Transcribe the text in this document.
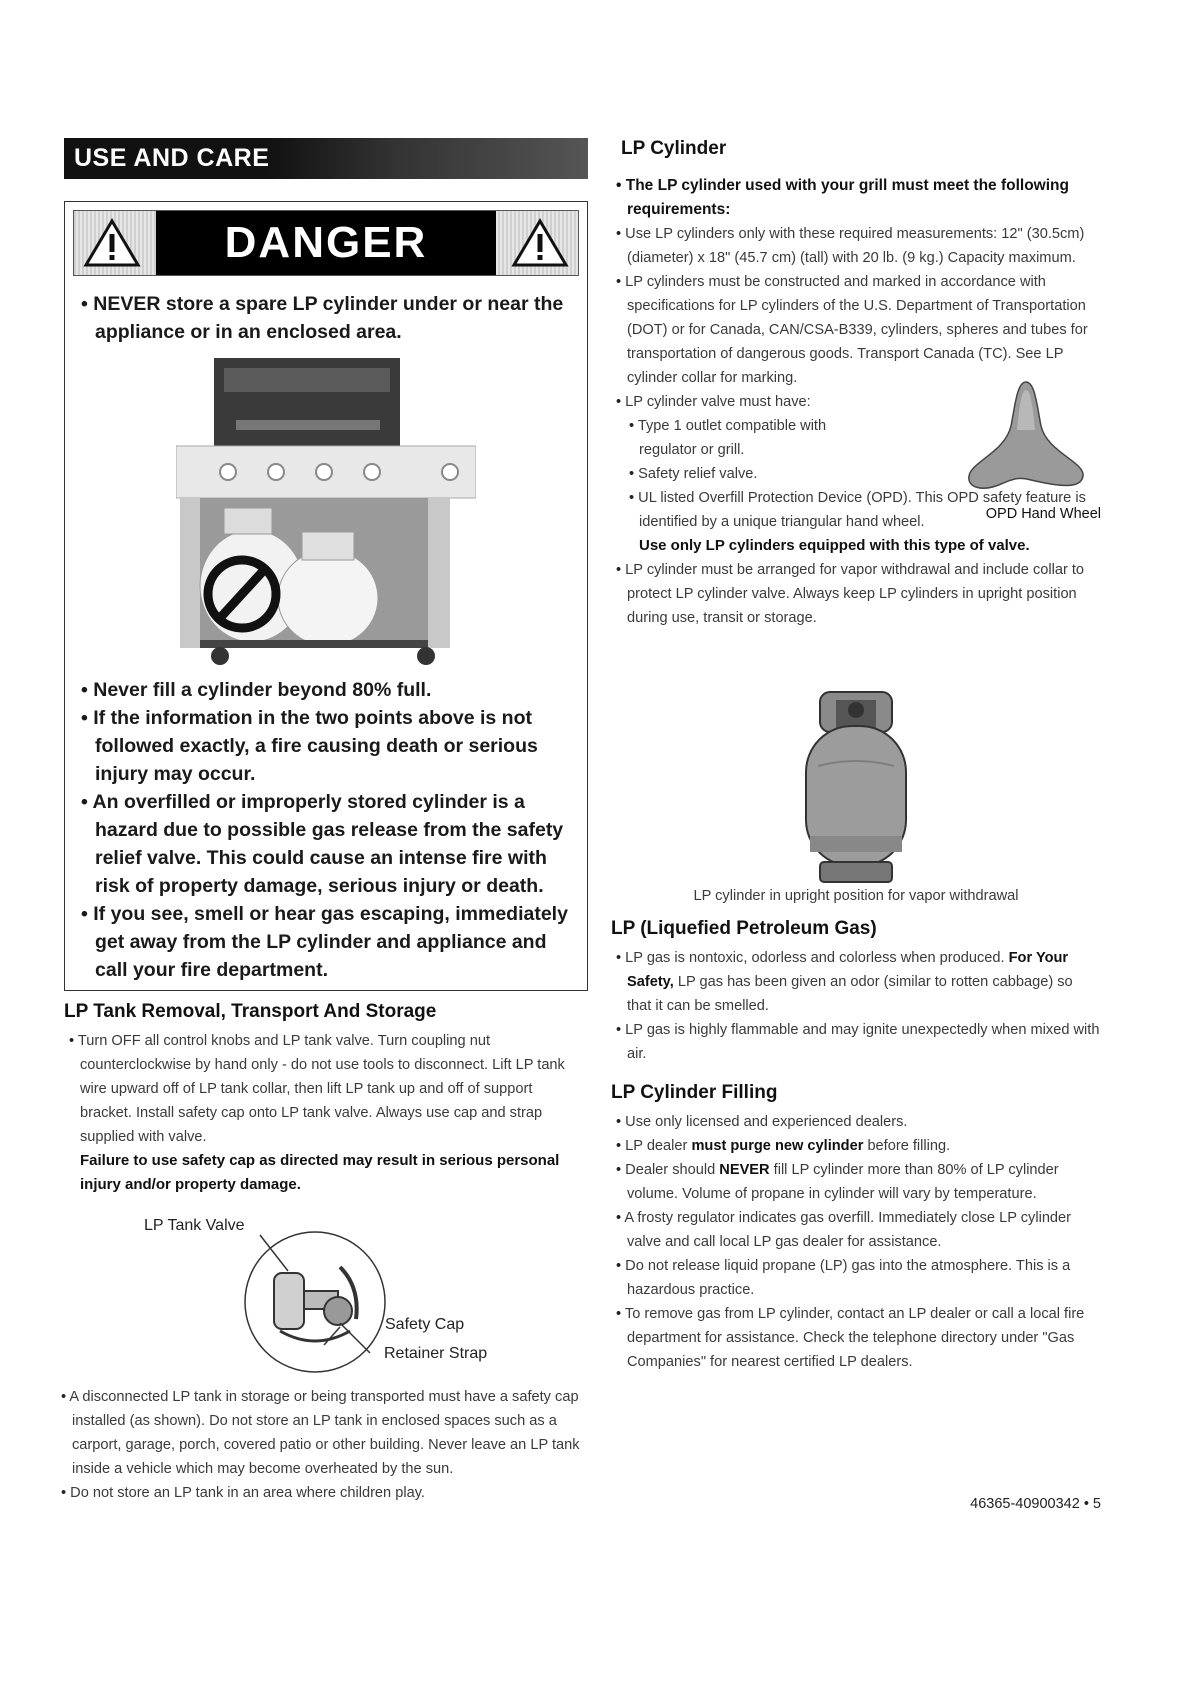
USE AND CARE
DANGER
• NEVER store a spare LP cylinder under or near the appliance or in an enclosed area.
• Never fill a cylinder beyond 80% full.
• If the information in the two points above is not followed exactly, a fire causing death or serious injury may occur.
• An overfilled or improperly stored cylinder is a hazard due to possible gas release from the safety relief valve. This could cause an intense fire with risk of property damage, serious injury or death.
• If you see, smell or hear gas escaping, immediately get away from the LP cylinder and appliance and call your fire department.
LP Tank Removal, Transport And Storage
• Turn OFF all control knobs and LP tank valve. Turn coupling nut counterclockwise by hand only - do not use tools to disconnect. Lift LP tank wire upward off of LP tank collar, then lift LP tank up and off of support bracket. Install safety cap onto LP tank valve. Always use cap and strap supplied with valve.
Failure to use safety cap as directed may result in serious personal injury and/or property damage.
LP Tank Valve
Safety Cap
Retainer Strap
• A disconnected LP tank in storage or being transported must have a safety cap installed (as shown). Do not store an LP tank in enclosed spaces such as a carport, garage, porch, covered patio or other building. Never leave an LP tank inside a vehicle which may become overheated by the sun.
• Do not store an LP tank in an area where children play.
LP Cylinder
• The LP cylinder used with your grill must meet the following requirements:
• Use LP cylinders only with these required measurements: 12" (30.5cm) (diameter) x 18" (45.7 cm) (tall) with 20 lb. (9 kg.) Capacity maximum.
• LP cylinders must be constructed and marked in accordance with specifications for LP cylinders of the U.S. Department of Transportation (DOT) or for Canada, CAN/CSA-B339, cylinders, spheres and tubes for transportation of dangerous goods. Transport Canada (TC). See LP cylinder collar for marking.
OPD Hand Wheel
• LP cylinder valve must have:
• Type 1 outlet compatible with regulator or grill.
• Safety relief valve.
• UL listed Overfill Protection Device (OPD). This OPD safety feature is identified by a unique triangular hand wheel.
Use only LP cylinders equipped with this type of valve.
• LP cylinder must be arranged for vapor withdrawal and include collar to protect LP cylinder valve. Always keep LP cylinders in upright position during use, transit or storage.
LP cylinder in upright position for vapor withdrawal
LP (Liquefied Petroleum Gas)
• LP gas is nontoxic, odorless and colorless when produced. For Your Safety, LP gas has been given an odor (similar to rotten cabbage) so that it can be smelled.
• LP gas is highly flammable and may ignite unexpectedly when mixed with air.
LP Cylinder Filling
• Use only licensed and experienced dealers.
• LP dealer must purge new cylinder before filling.
• Dealer should NEVER fill LP cylinder more than 80% of LP cylinder volume. Volume of propane in cylinder will vary by temperature.
• A frosty regulator indicates gas overfill. Immediately close LP cylinder valve and call local LP gas dealer for assistance.
• Do not release liquid propane (LP) gas into the atmosphere. This is a hazardous practice.
• To remove gas from LP cylinder, contact an LP dealer or call a local fire department for assistance. Check the telephone directory under "Gas Companies" for nearest certified LP dealers.
46365-40900342 • 5
